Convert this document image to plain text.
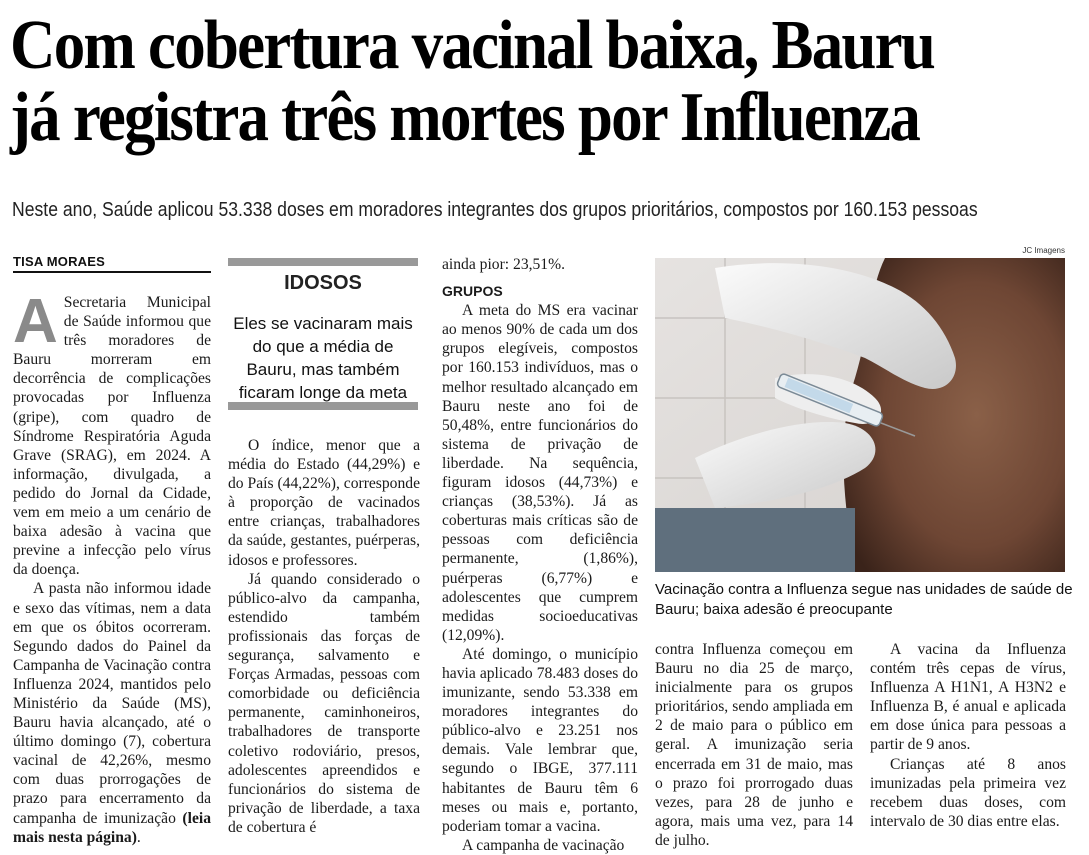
Com cobertura vacinal baixa, Bauru
já registra três mortes por Influenza
Neste ano, Saúde aplicou 53.338 doses em moradores integrantes dos grupos prioritários, compostos por 160.153 pessoas
TISA MORAES

A Secretaria Municipal de Saúde informou que três moradores de Bauru morreram em decorrência de complicações provocadas por Influenza (gripe), com quadro de Síndrome Respiratória Aguda Grave (SRAG), em 2024. A informação, divulgada, a pedido do Jornal da Cidade, vem em meio a um cenário de baixa adesão à vacina que previne a infecção pelo vírus da doença.

A pasta não informou idade e sexo das vítimas, nem a data em que os óbitos ocorreram. Segundo dados do Painel da Campanha de Vacinação contra Influenza 2024, mantidos pelo Ministério da Saúde (MS), Bauru havia alcançado, até o último domingo (7), cobertura vacinal de 42,26%, mesmo com duas prorrogações de prazo para encerramento da campanha de imunização (leia mais nesta página).

IDOSOS
Eles se vacinaram mais do que a média de Bauru, mas também ficaram longe da meta

O índice, menor que a média do Estado (44,29%) e do País (44,22%), corresponde à proporção de vacinados entre crianças, trabalhadores da saúde, gestantes, puérperas, idosos e professores.

Já quando considerado o público-alvo da campanha, estendido também profissionais das forças de segurança, salvamento e Forças Armadas, pessoas com comorbidade ou deficiência permanente, caminhoneiros, trabalhadores de transporte coletivo rodoviário, presos, adolescentes apreendidos e funcionários do sistema de privação de liberdade, a taxa de cobertura é

ainda pior: 23,51%.

GRUPOS

A meta do MS era vacinar ao menos 90% de cada um dos grupos elegíveis, compostos por 160.153 indivíduos, mas o melhor resultado alcançado em Bauru neste ano foi de 50,48%, entre funcionários do sistema de privação de liberdade. Na sequência, figuram idosos (44,73%) e crianças (38,53%). Já as coberturas mais críticas são de pessoas com deficiência permanente, (1,86%), puérperas (6,77%) e adolescentes que cumprem medidas socioeducativas (12,09%).

Até domingo, o município havia aplicado 78.483 doses do imunizante, sendo 53.338 em moradores integrantes do público-alvo e 23.251 nos demais. Vale lembrar que, segundo o IBGE, 377.111 habitantes de Bauru têm 6 meses ou mais e, portanto, poderiam tomar a vacina.

A campanha de vacinação

JC Imagens
Vacinação contra a Influenza segue nas unidades de saúde de Bauru; baixa adesão é preocupante

contra Influenza começou em Bauru no dia 25 de março, inicialmente para os grupos prioritários, sendo ampliada em 2 de maio para o público em geral. A imunização seria encerrada em 31 de maio, mas o prazo foi prorrogado duas vezes, para 28 de junho e agora, mais uma vez, para 14 de julho.

A vacina da Influenza contém três cepas de vírus, Influenza A H1N1, A H3N2 e Influenza B, é anual e aplicada em dose única para pessoas a partir de 9 anos.

Crianças até 8 anos imunizadas pela primeira vez recebem duas doses, com intervalo de 30 dias entre elas.
